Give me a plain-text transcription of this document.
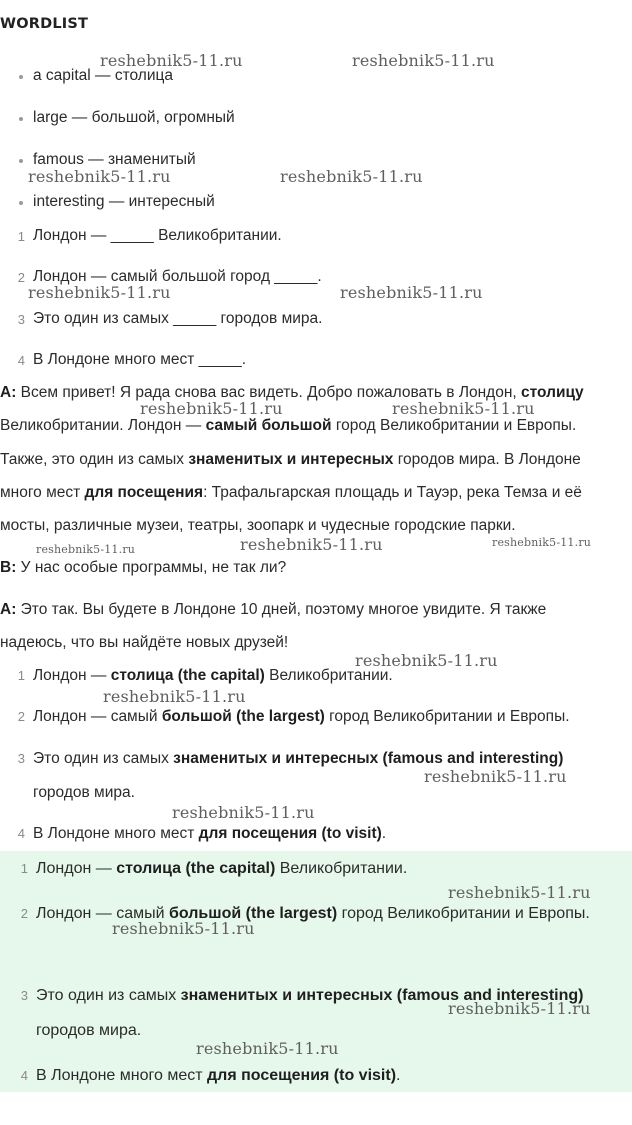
WORDLIST
a capital — столица
large — большой, огромный
famous — знаменитый
interesting — интересный
1 Лондон — _____ Великобритании.
2 Лондон — самый большой город _____.
3 Это один из самых _____ городов мира.
4 В Лондоне много мест _____.
A: Всем привет! Я рада снова вас видеть. Добро пожаловать в Лондон, столицу
Великобритании. Лондон — самый большой город Великобритании и Европы.
Также, это один из самых знаменитых и интересных городов мира. В Лондоне
много мест для посещения: Трафальгарская площадь и Тауэр, река Темза и её
мосты, различные музеи, театры, зоопарк и чудесные городские парки.
B: У нас особые программы, не так ли?
A: Это так. Вы будете в Лондоне 10 дней, поэтому многое увидите. Я также
надеюсь, что вы найдёте новых друзей!
1 Лондон — столица (the capital) Великобритании.
2 Лондон — самый большой (the largest) город Великобритании и Европы.
3 Это один из самых знаменитых и интересных (famous and interesting) городов мира.
4 В Лондоне много мест для посещения (to visit).
1 Лондон — столица (the capital) Великобритании.
2 Лондон — самый большой (the largest) город Великобритании и Европы.
3 Это один из самых знаменитых и интересных (famous and interesting) городов мира.
4 В Лондоне много мест для посещения (to visit).
reshebnik5-11.ru	reshebnik5-11.ru
reshebnik5-11.ru	reshebnik5-11.ru
reshebnik5-11.ru	reshebnik5-11.ru
reshebnik5-11.ru	reshebnik5-11.ru
reshebnik5-11.ru	reshebnik5-11.ru	reshebnik5-11.ru
reshebnik5-11.ru
reshebnik5-11.ru
reshebnik5-11.ru
reshebnik5-11.ru
reshebnik5-11.ru
reshebnik5-11.ru
reshebnik5-11.ru
reshebnik5-11.ru
